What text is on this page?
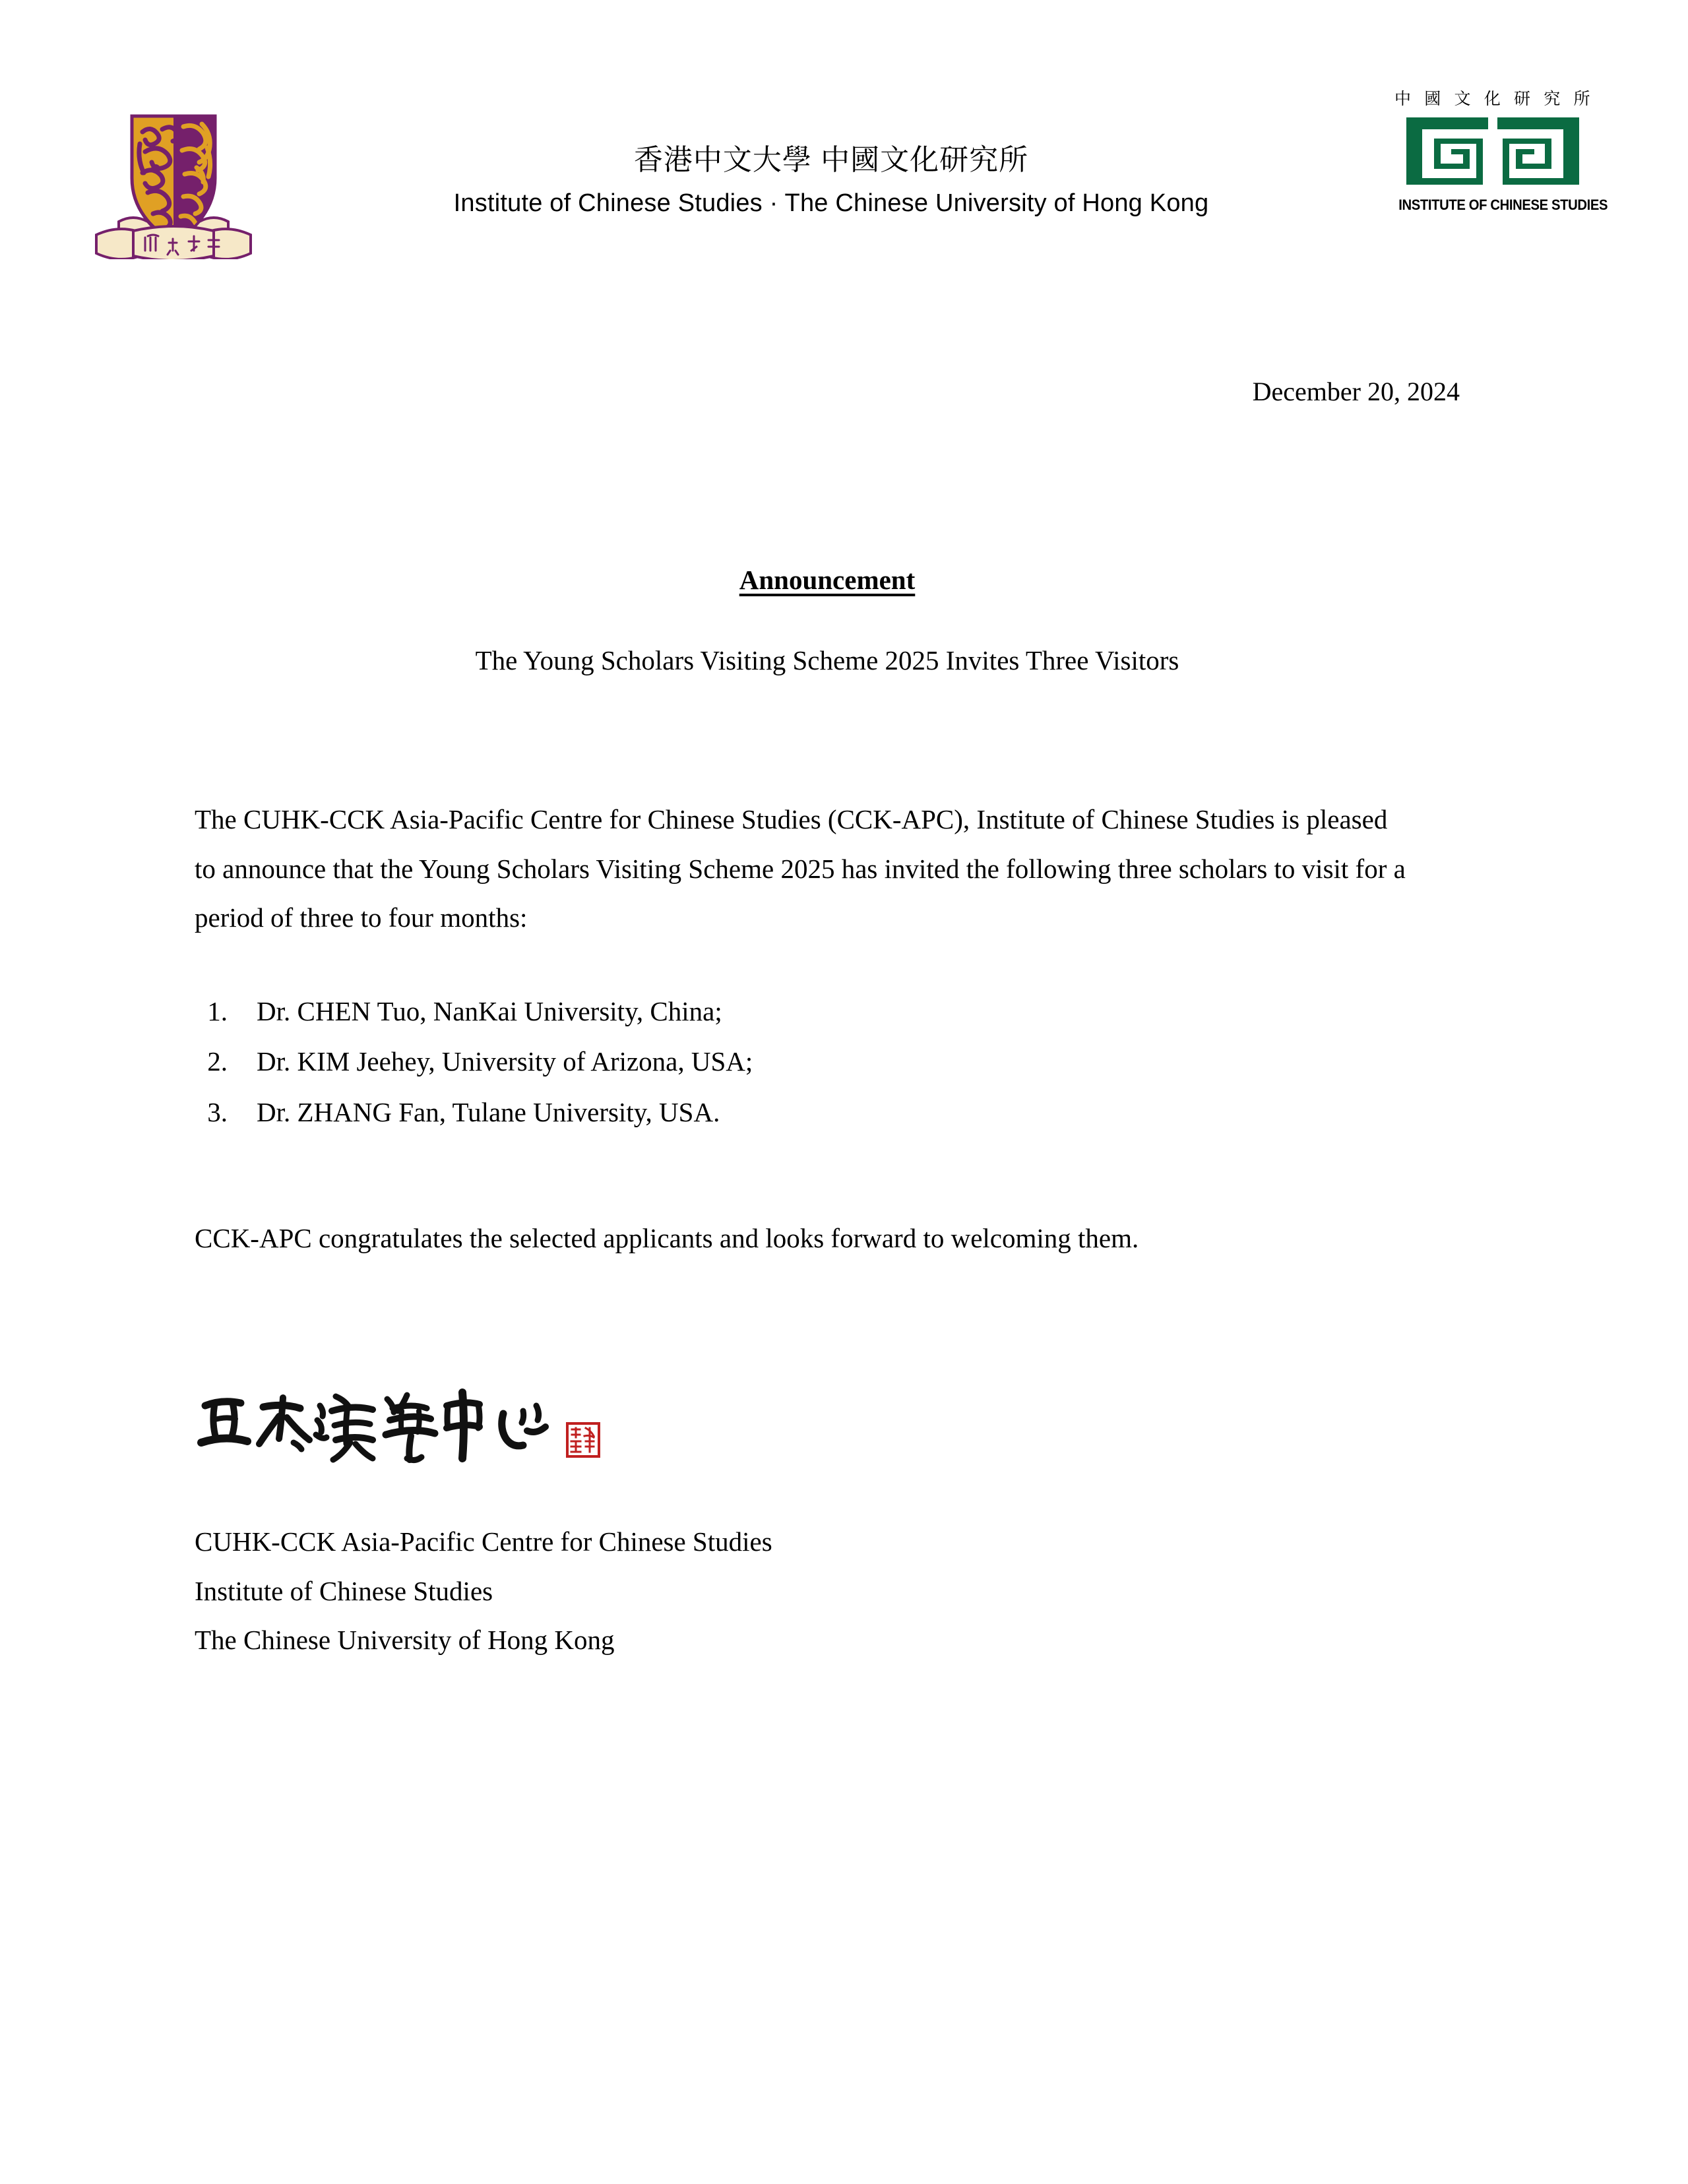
香港中文大學 中國文化研究所
Institute of Chinese Studies · The Chinese University of Hong Kong
中 國 文 化 研 究 所
INSTITUTE OF CHINESE STUDIES
December 20, 2024
Announcement
The Young Scholars Visiting Scheme 2025 Invites Three Visitors
The CUHK-CCK Asia-Pacific Centre for Chinese Studies (CCK-APC), Institute of Chinese Studies is pleased to announce that the Young Scholars Visiting Scheme 2025 has invited the following three scholars to visit for a period of three to four months:
1.	Dr. CHEN Tuo, NanKai University, China;
2.	Dr. KIM Jeehey, University of Arizona, USA;
3.	Dr. ZHANG Fan, Tulane University, USA.
CCK-APC congratulates the selected applicants and looks forward to welcoming them.
CUHK-CCK Asia-Pacific Centre for Chinese Studies
Institute of Chinese Studies
The Chinese University of Hong Kong
